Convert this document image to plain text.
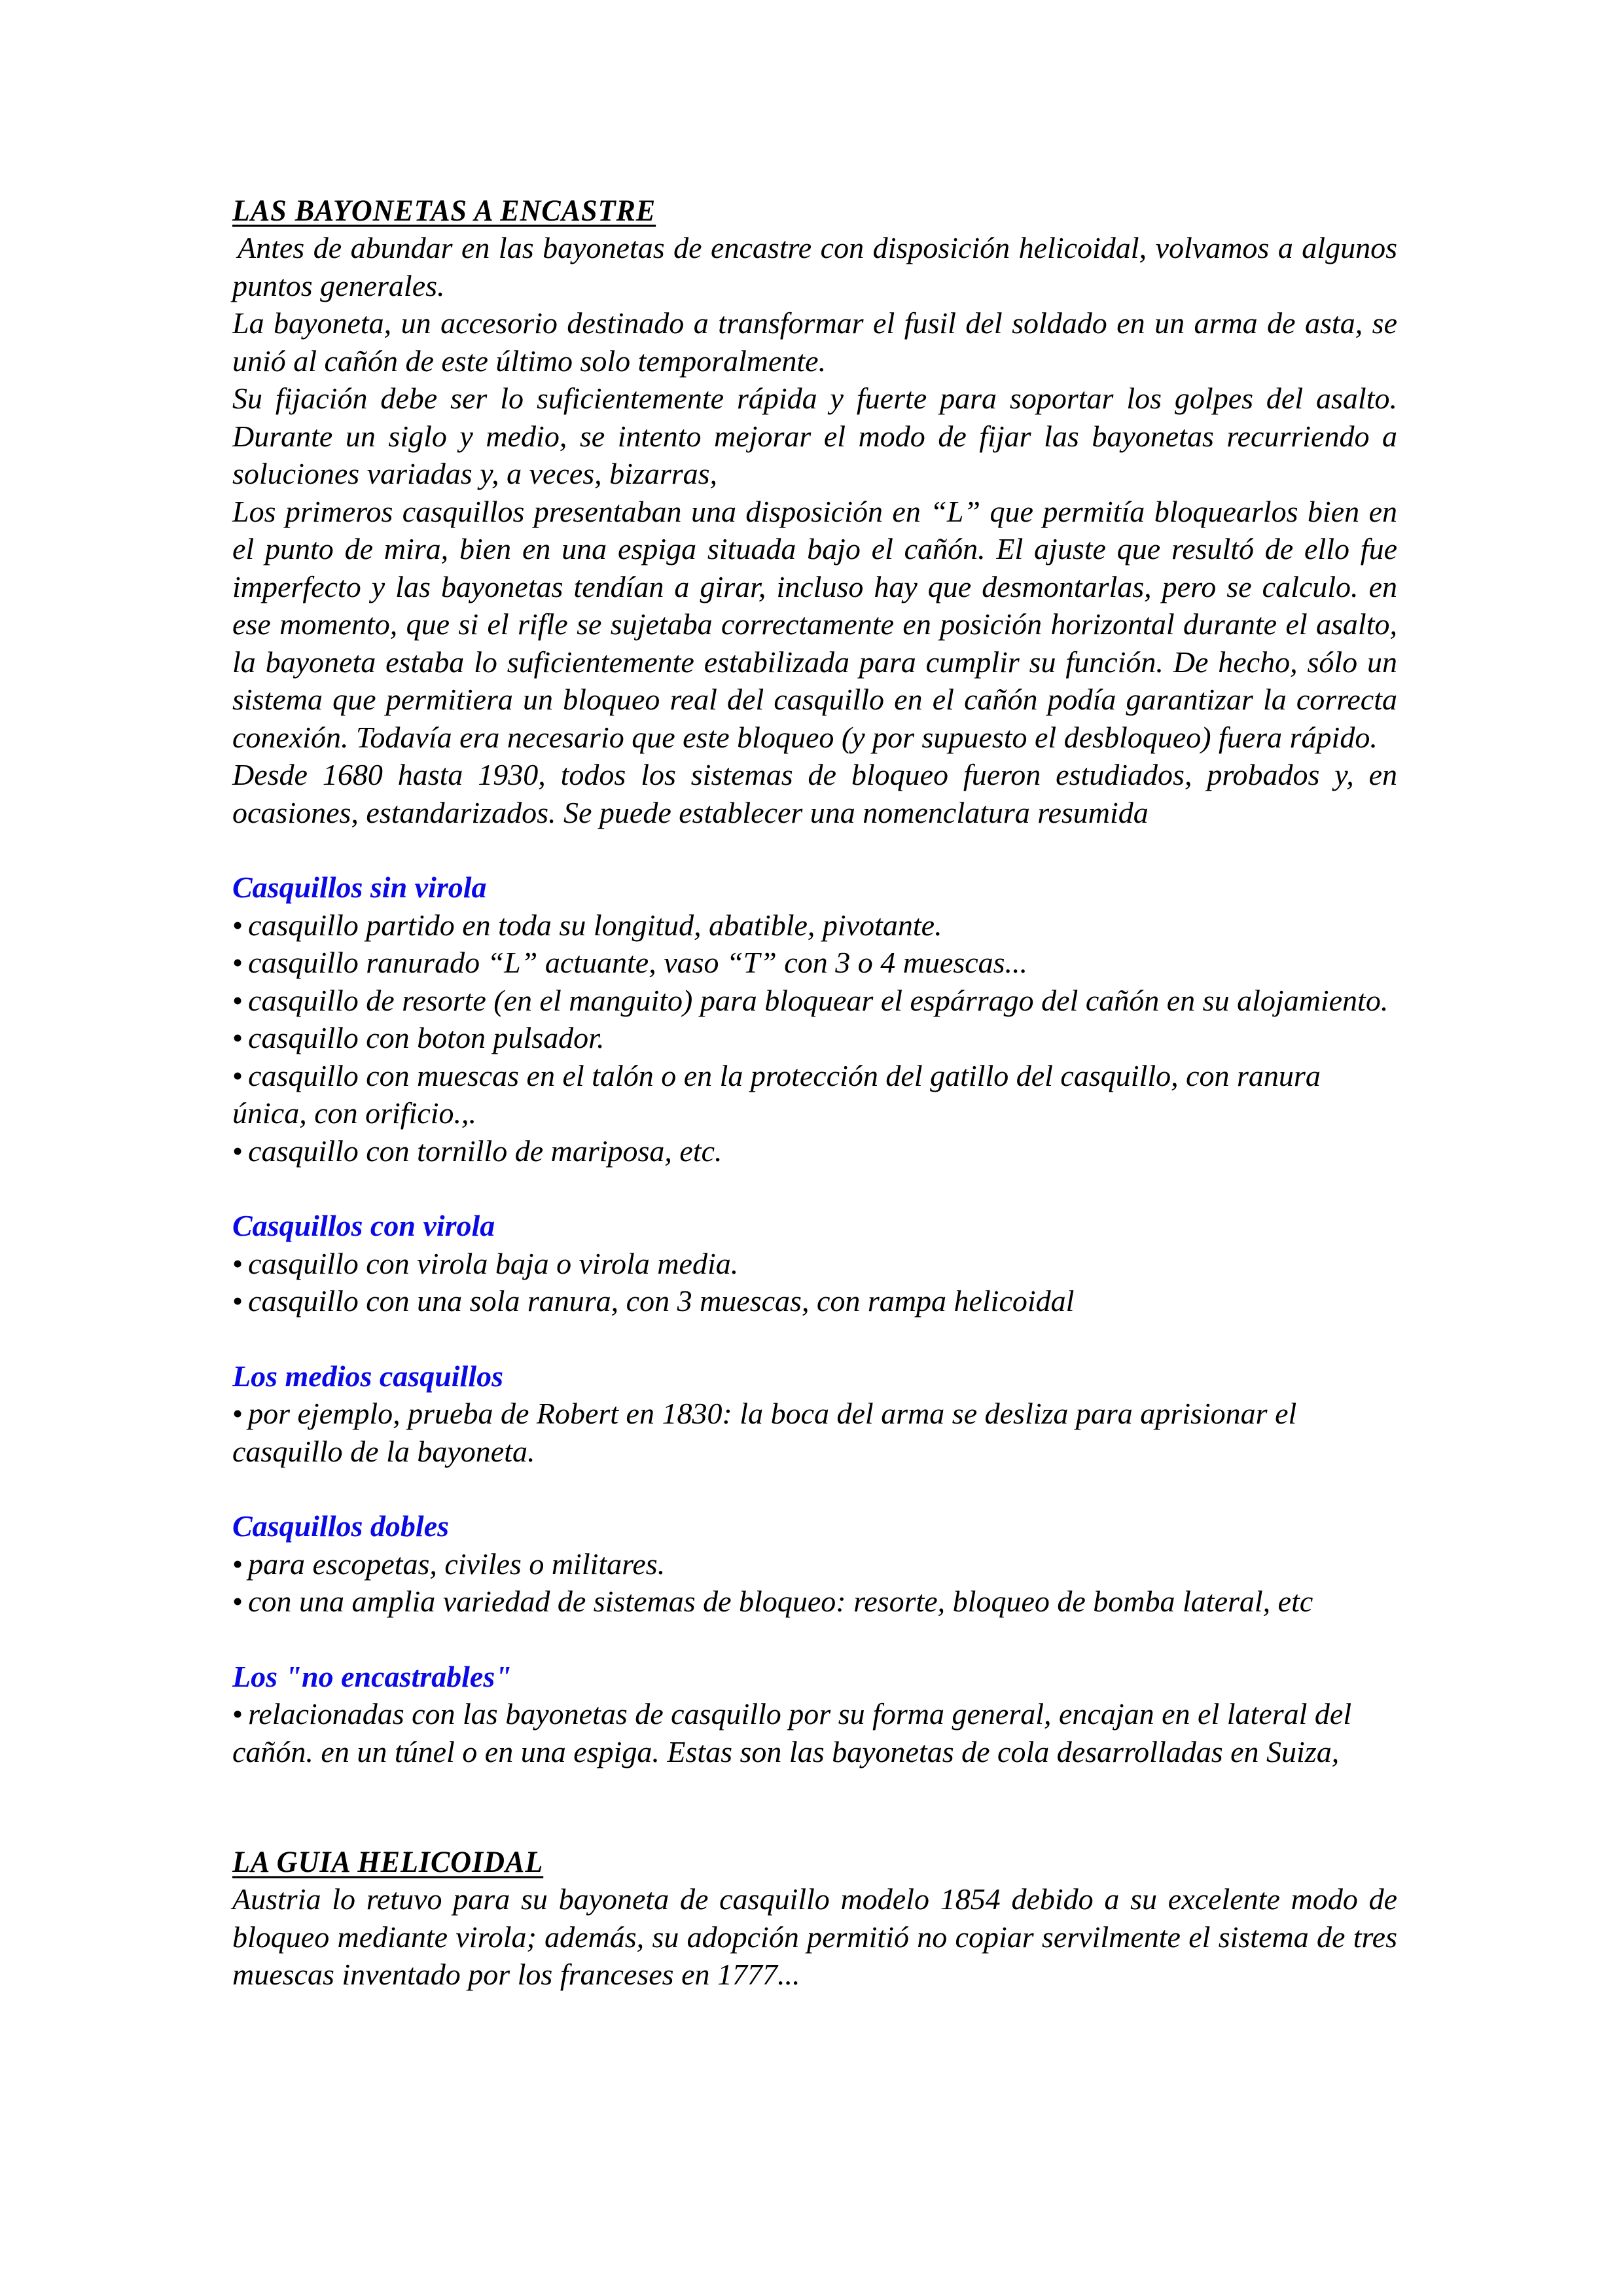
LAS BAYONETAS A ENCASTRE

Antes de abundar en las bayonetas de encastre con disposición helicoidal, volvamos a algunos puntos generales.

La bayoneta, un accesorio destinado a transformar el fusil del soldado en un arma de asta, se unió al cañón de este último solo temporalmente.

Su fijación debe ser lo suficientemente rápida y fuerte para soportar los golpes del asalto. Durante un siglo y medio, se intento mejorar el modo de fijar las bayonetas recurriendo a soluciones variadas y, a veces, bizarras,

Los primeros casquillos presentaban una disposición en “L” que permitía bloquearlos bien en el punto de mira, bien en una espiga situada bajo el cañón. El ajuste que resultó de ello fue imperfecto y las bayonetas tendían a girar, incluso hay que desmontarlas, pero se calculo. en ese momento, que si el rifle se sujetaba correctamente en posición horizontal durante el asalto, la bayoneta estaba lo suficientemente estabilizada para cumplir su función. De hecho, sólo un sistema que permitiera un bloqueo real del casquillo en el cañón podía garantizar la correcta conexión. Todavía era necesario que este bloqueo (y por supuesto el desbloqueo) fuera rápido.

Desde 1680 hasta 1930, todos los sistemas de bloqueo fueron estudiados, probados y, en ocasiones, estandarizados. Se puede establecer una nomenclatura resumida

Casquillos sin virola
• casquillo partido en toda su longitud, abatible, pivotante.
• casquillo ranurado “L” actuante, vaso “T” con 3 o 4 muescas...
• casquillo de resorte (en el manguito) para bloquear el espárrago del cañón en su alojamiento.
• casquillo con boton pulsador.
• casquillo con muescas en el talón o en la protección del gatillo del casquillo, con ranura única, con orificio.,.
• casquillo con tornillo de mariposa, etc.
Casquillos con virola
• casquillo con virola baja o virola media.
• casquillo con una sola ranura, con 3 muescas, con rampa helicoidal
Los medios casquillos
• por ejemplo, prueba de Robert en 1830: la boca del arma se desliza para aprisionar el casquillo de la bayoneta.
Casquillos dobles
• para escopetas, civiles o militares.
• con una amplia variedad de sistemas de bloqueo: resorte, bloqueo de bomba lateral, etc
Los "no encastrables"
• relacionadas con las bayonetas de casquillo por su forma general, encajan en el lateral del cañón. en un túnel o en una espiga. Estas son las bayonetas de cola desarrolladas en Suiza,
LA GUIA HELICOIDAL

Austria lo retuvo para su bayoneta de casquillo modelo 1854 debido a su excelente modo de bloqueo mediante virola; además, su adopción permitió no copiar servilmente el sistema de tres muescas inventado por los franceses en 1777...
